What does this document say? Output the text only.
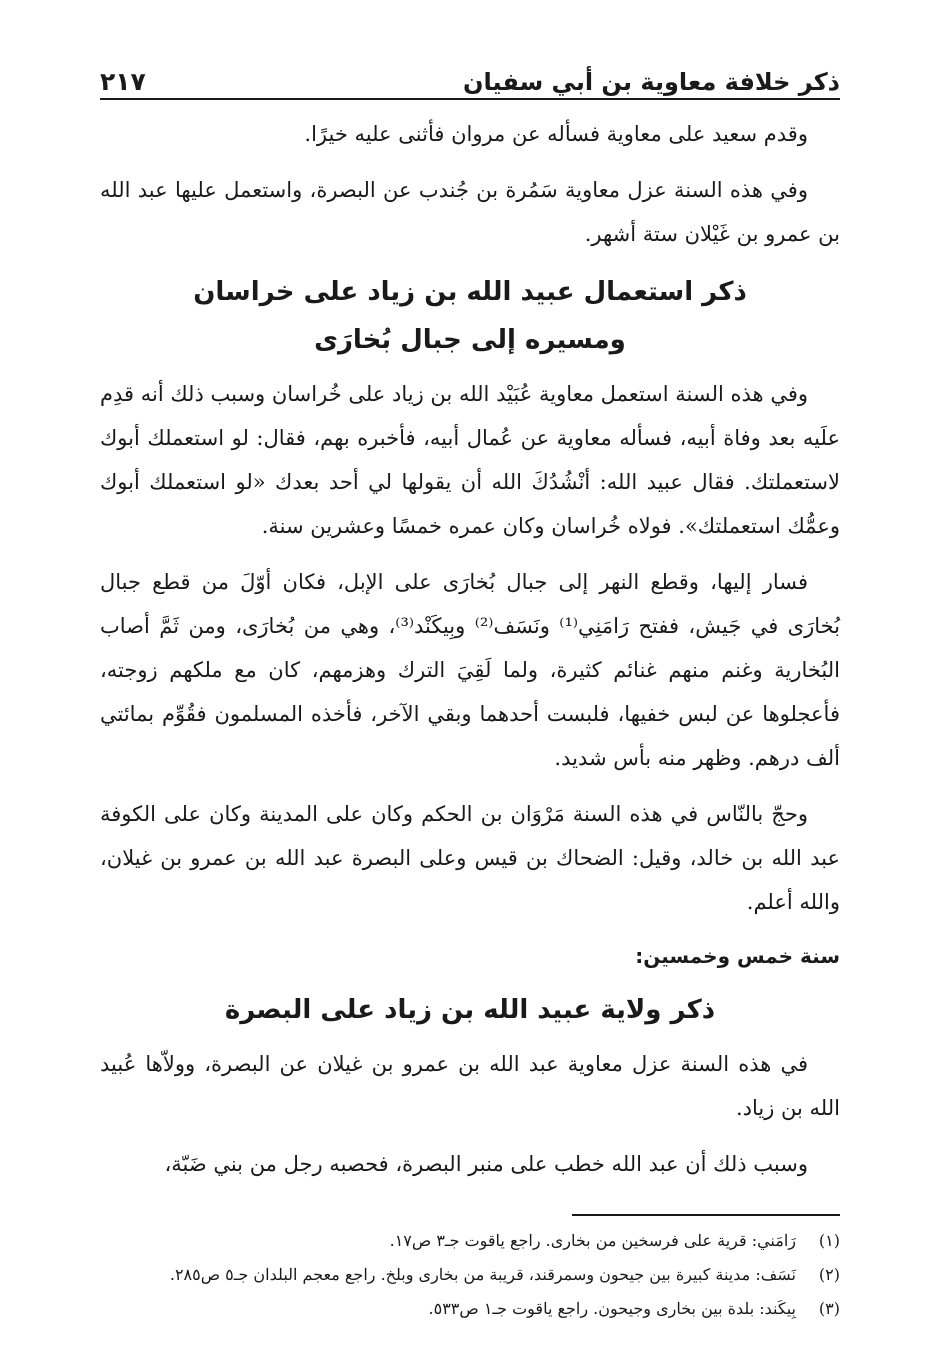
ذكر خلافة معاوية بن أبي سفيان
٢١٧

وقدم سعيد على معاوية فسأله عن مروان فأثنى عليه خيرًا.

وفي هذه السنة عزل معاوية سَمُرة بن جُندب عن البصرة، واستعمل عليها عبد الله بن عمرو بن غَيْلان ستة أشهر.

ذكر استعمال عبيد الله بن زياد على خراسان
ومسيره إلى جبال بُخارَى

وفي هذه السنة استعمل معاوية عُبَيْد الله بن زياد على خُراسان وسبب ذلك أنه قدِم علَيه بعد وفاة أبيه، فسأله معاوية عن عُمال أبيه، فأخبره بهم، فقال: لو استعملك أبوك لاستعملتك. فقال عبيد الله: أنْشُدُكَ الله أن يقولها لي أحد بعدك «لو استعملك أبوك وعمُّك استعملتك». فولاه خُراسان وكان عمره خمسًا وعشرين سنة.

فسار إليها، وقطع النهر إلى جبال بُخارَى على الإبل، فكان أوّلَ من قطع جبال بُخارَى في جَيش، ففتح رَامَنِي⁽¹⁾ ونَسَف⁽²⁾ وبِيكَنْد⁽³⁾، وهي من بُخارَى، ومن ثَمَّ أصاب البُخارية وغنم منهم غنائم كثيرة، ولما لَقِيَ الترك وهزمهم، كان مع ملكهم زوجته، فأعجلوها عن لبس خفيها، فلبست أحدهما وبقي الآخر، فأخذه المسلمون فقُوِّم بمائتي ألف درهم. وظهر منه بأس شديد.

وحجّ بالنّاس في هذه السنة مَرْوَان بن الحكم وكان على المدينة وكان على الكوفة عبد الله بن خالد، وقيل: الضحاك بن قيس وعلى البصرة عبد الله بن عمرو بن غيلان، والله أعلم.

سنة خمس وخمسين:
ذكر ولاية عبيد الله بن زياد على البصرة

في هذه السنة عزل معاوية عبد الله بن عمرو بن غيلان عن البصرة، وولاّها عُبيد الله بن زياد.

وسبب ذلك أن عبد الله خطب على منبر البصرة، فحصبه رجل من بني ضَبّة،

(١)
رَامَني: قرية على فرسخين من بخارى. راجع ياقوت جـ٣ ص١٧.
(٢)
نَسَف: مدينة كبيرة بين جيحون وسمرقند، قريبة من بخارى وبلخ. راجع معجم البلدان جـ٥ ص٢٨٥.
(٣)
بِيكَند: بلدة بين بخارى وجيحون. راجع ياقوت جـ١ ص٥٣٣.
